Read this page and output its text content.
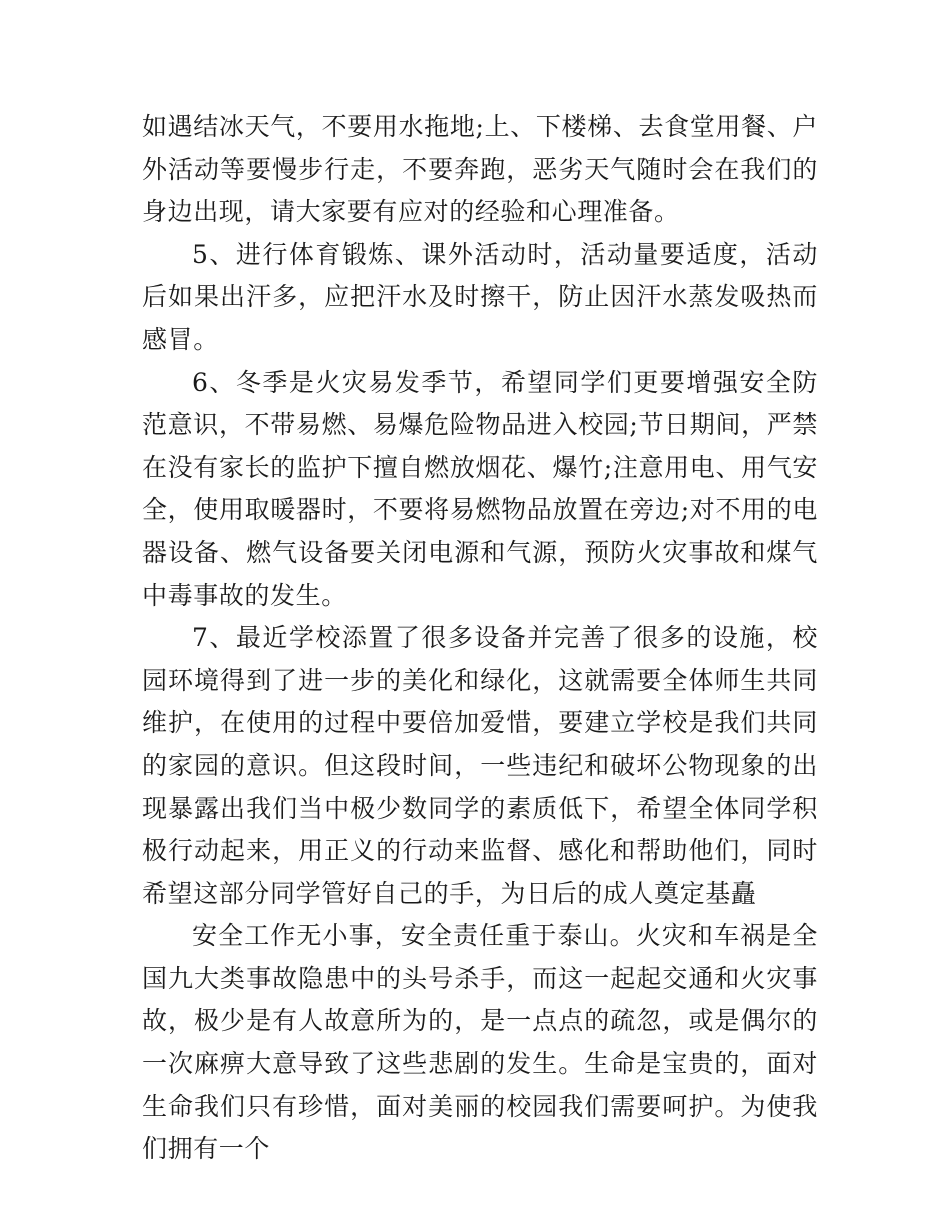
如遇结冰天气，不要用水拖地;上、下楼梯、去食堂用餐、户外活动等要慢步行走，不要奔跑，恶劣天气随时会在我们的身边出现，请大家要有应对的经验和心理准备。

5、进行体育锻炼、课外活动时，活动量要适度，活动后如果出汗多，应把汗水及时擦干，防止因汗水蒸发吸热而感冒。

6、冬季是火灾易发季节，希望同学们更要增强安全防范意识，不带易燃、易爆危险物品进入校园;节日期间，严禁在没有家长的监护下擅自燃放烟花、爆竹;注意用电、用气安全，使用取暖器时，不要将易燃物品放置在旁边;对不用的电器设备、燃气设备要关闭电源和气源，预防火灾事故和煤气中毒事故的发生。

7、最近学校添置了很多设备并完善了很多的设施，校园环境得到了进一步的美化和绿化，这就需要全体师生共同维护，在使用的过程中要倍加爱惜，要建立学校是我们共同的家园的意识。但这段时间，一些违纪和破坏公物现象的出现暴露出我们当中极少数同学的素质低下，希望全体同学积极行动起来，用正义的行动来监督、感化和帮助他们，同时希望这部分同学管好自己的手，为日后的成人奠定基矗

安全工作无小事，安全责任重于泰山。火灾和车祸是全国九大类事故隐患中的头号杀手，而这一起起交通和火灾事故，极少是有人故意所为的，是一点点的疏忽，或是偶尔的一次麻痹大意导致了这些悲剧的发生。生命是宝贵的，面对生命我们只有珍惜，面对美丽的校园我们需要呵护。为使我们拥有一个
